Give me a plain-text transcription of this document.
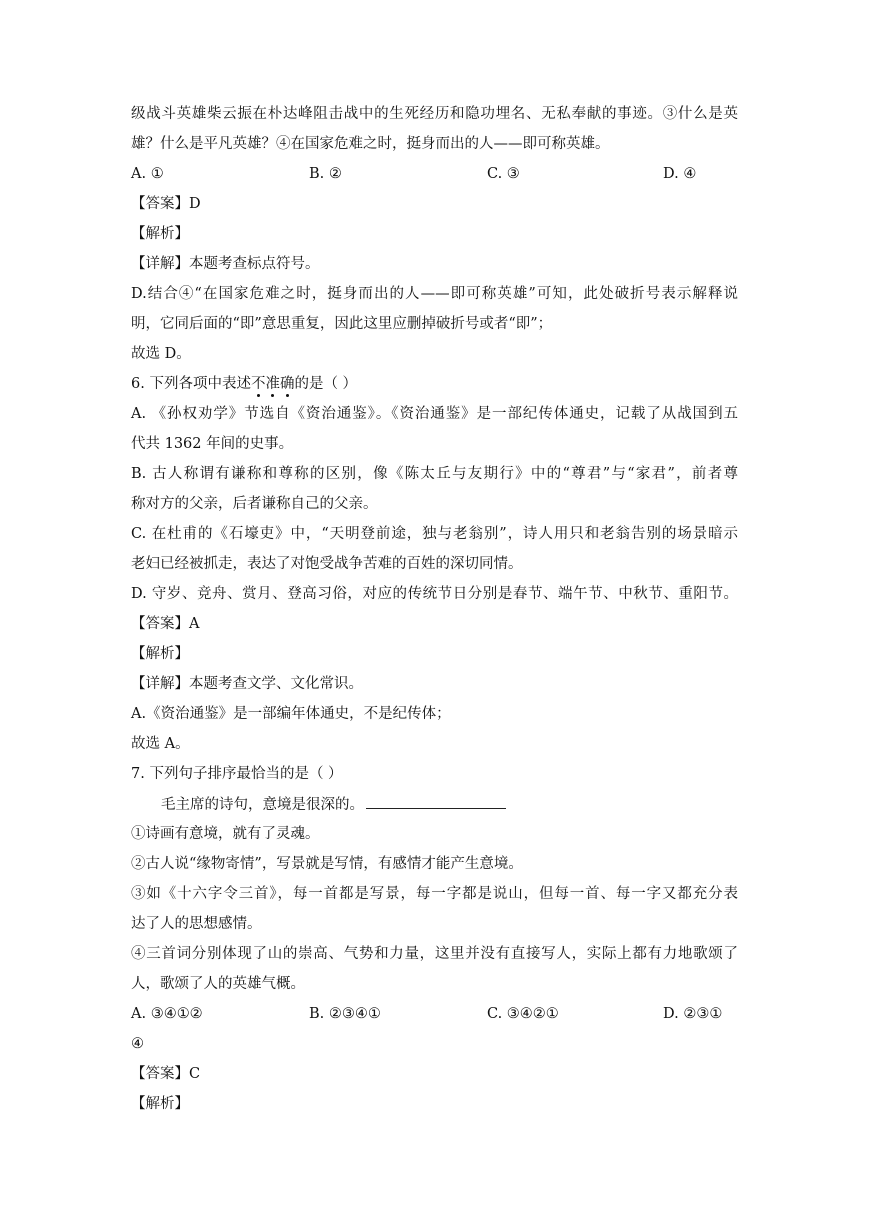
级战斗英雄柴云振在朴达峰阻击战中的生死经历和隐功埋名、无私奉献的事迹。③什么是英
雄？什么是平凡英雄？④在国家危难之时，挺身而出的人——即可称英雄。
A. ①	B. ②	C. ③	D. ④
【答案】D
【解析】
【详解】本题考查标点符号。
D.结合④“在国家危难之时，挺身而出的人——即可称英雄”可知，此处破折号表示解释说
明，它同后面的“即”意思重复，因此这里应删掉破折号或者“即”；
故选 D。
6. 下列各项中表述不准确的是（ ）
A. 《孙权劝学》节选自《资治通鉴》。《资治通鉴》是一部纪传体通史，记载了从战国到五
代共 1362 年间的史事。
B. 古人称谓有谦称和尊称的区别，像《陈太丘与友期行》中的“尊君”与“家君”，前者尊
称对方的父亲，后者谦称自己的父亲。
C. 在杜甫的《石壕吏》中，“天明登前途，独与老翁别”，诗人用只和老翁告别的场景暗示
老妇已经被抓走，表达了对饱受战争苦难的百姓的深切同情。
D. 守岁、竞舟、赏月、登高习俗，对应的传统节日分别是春节、端午节、中秋节、重阳节。
【答案】A
【解析】
【详解】本题考查文学、文化常识。
A.《资治通鉴》是一部编年体通史，不是纪传体；
故选 A。
7. 下列句子排序最恰当的是（ ）
毛主席的诗句，意境是很深的。
①诗画有意境，就有了灵魂。
②古人说“缘物寄情”，写景就是写情，有感情才能产生意境。
③如《十六字令三首》，每一首都是写景，每一字都是说山，但每一首、每一字又都充分表
达了人的思想感情。
④三首词分别体现了山的崇高、气势和力量，这里并没有直接写人，实际上都有力地歌颂了
人，歌颂了人的英雄气概。
A. ③④①②	B. ②③④①	C. ③④②①	D. ②③①
④
【答案】C
【解析】
